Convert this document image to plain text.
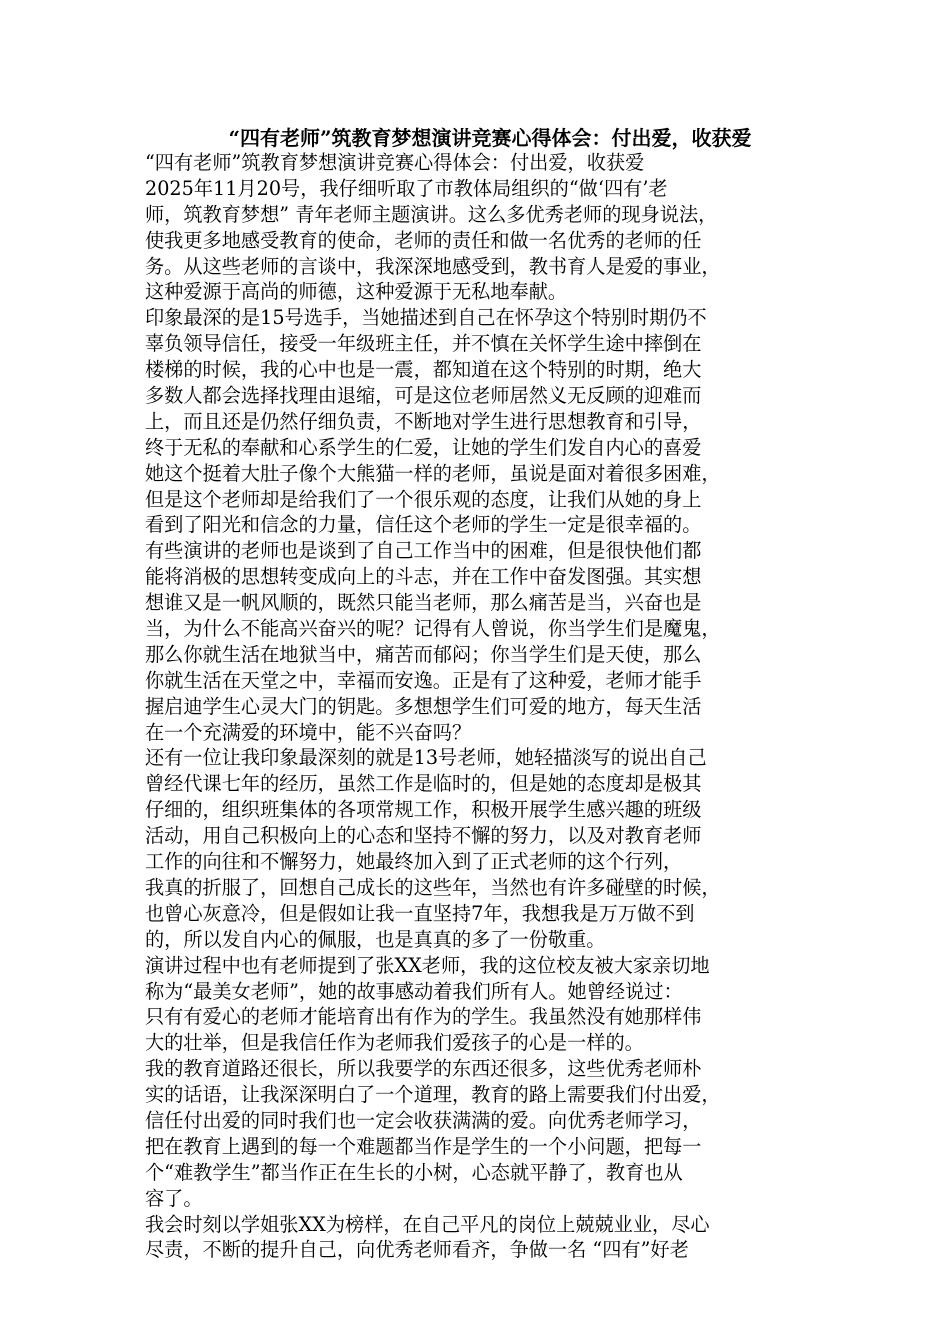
“四有老师”筑教育梦想演讲竞赛心得体会：付出爱，收获爱
“四有老师”筑教育梦想演讲竞赛心得体会：付出爱，收获爱
2025年11月20号，我仔细听取了市教体局组织的“做‘四有’老
师，筑教育梦想” 青年老师主题演讲。这么多优秀老师的现身说法，
使我更多地感受教育的使命，老师的责任和做一名优秀的老师的任
务。从这些老师的言谈中，我深深地感受到，教书育人是爱的事业，
这种爱源于高尚的师德，这种爱源于无私地奉献。
印象最深的是15号选手，当她描述到自己在怀孕这个特别时期仍不
辜负领导信任，接受一年级班主任，并不慎在关怀学生途中摔倒在
楼梯的时候，我的心中也是一震，都知道在这个特别的时期，绝大
多数人都会选择找理由退缩，可是这位老师居然义无反顾的迎难而
上，而且还是仍然仔细负责，不断地对学生进行思想教育和引导，
终于无私的奉献和心系学生的仁爱，让她的学生们发自内心的喜爱
她这个挺着大肚子像个大熊猫一样的老师，虽说是面对着很多困难，
但是这个老师却是给我们了一个很乐观的态度，让我们从她的身上
看到了阳光和信念的力量，信任这个老师的学生一定是很幸福的。
有些演讲的老师也是谈到了自己工作当中的困难，但是很快他们都
能将消极的思想转变成向上的斗志，并在工作中奋发图强。其实想
想谁又是一帆风顺的，既然只能当老师，那么痛苦是当，兴奋也是
当，为什么不能高兴奋兴的呢？记得有人曾说，你当学生们是魔鬼，
那么你就生活在地狱当中，痛苦而郁闷；你当学生们是天使，那么
你就生活在天堂之中，幸福而安逸。正是有了这种爱，老师才能手
握启迪学生心灵大门的钥匙。多想想学生们可爱的地方，每天生活
在一个充满爱的环境中，能不兴奋吗？
还有一位让我印象最深刻的就是13号老师，她轻描淡写的说出自己
曾经代课七年的经历，虽然工作是临时的，但是她的态度却是极其
仔细的，组织班集体的各项常规工作，积极开展学生感兴趣的班级
活动，用自己积极向上的心态和坚持不懈的努力，以及对教育老师
工作的向往和不懈努力，她最终加入到了正式老师的这个行列，
我真的折服了，回想自己成长的这些年，当然也有许多碰壁的时候，
也曾心灰意冷，但是假如让我一直坚持7年，我想我是万万做不到
的，所以发自内心的佩服，也是真真的多了一份敬重。
演讲过程中也有老师提到了张XX老师，我的这位校友被大家亲切地
称为“最美女老师”，她的故事感动着我们所有人。她曾经说过：
只有有爱心的老师才能培育出有作为的学生。我虽然没有她那样伟
大的壮举，但是我信任作为老师我们爱孩子的心是一样的。
我的教育道路还很长，所以我要学的东西还很多，这些优秀老师朴
实的话语，让我深深明白了一个道理，教育的路上需要我们付出爱，
信任付出爱的同时我们也一定会收获满满的爱。向优秀老师学习，
把在教育上遇到的每一个难题都当作是学生的一个小问题，把每一
个“难教学生”都当作正在生长的小树，心态就平静了，教育也从
容了。
我会时刻以学姐张XX为榜样，在自己平凡的岗位上兢兢业业，尽心
尽责，不断的提升自己，向优秀老师看齐，争做一名 “四有”好老
